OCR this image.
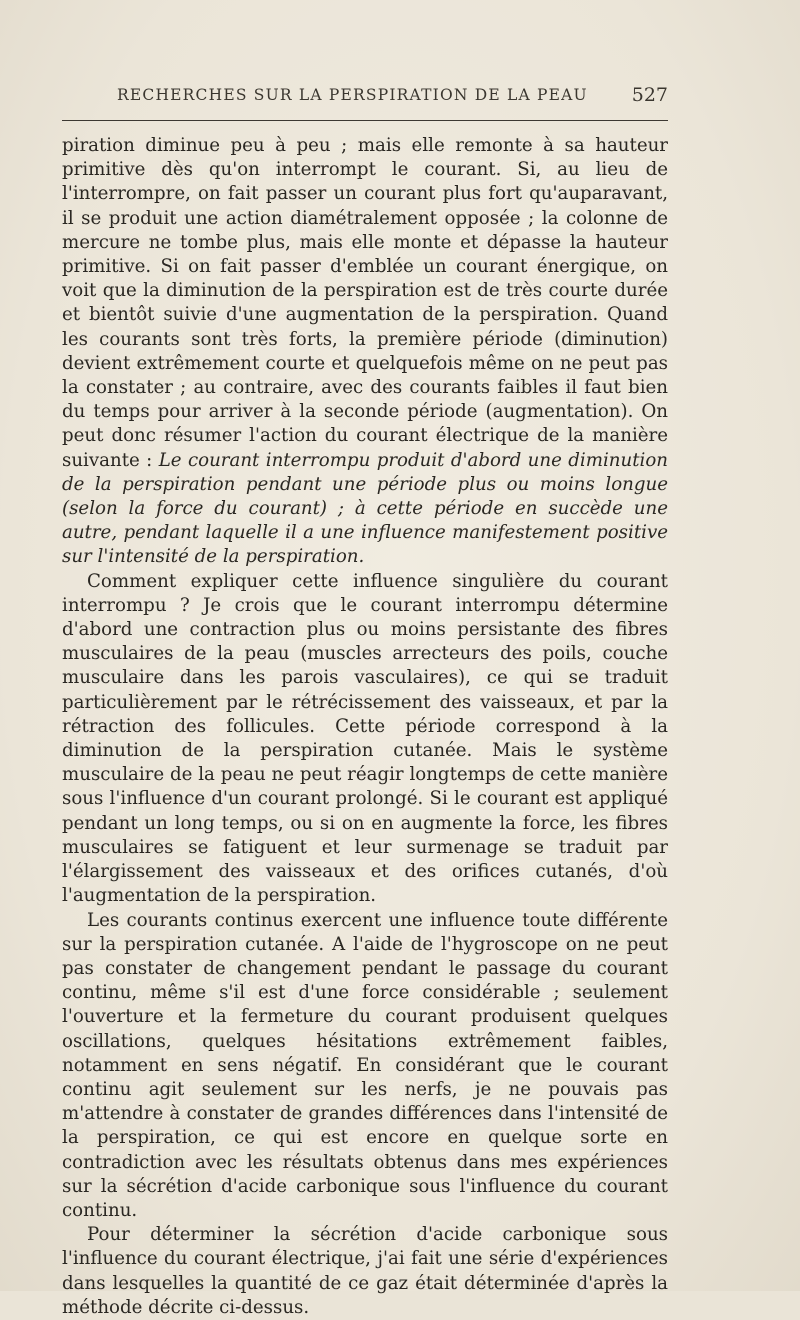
RECHERCHES SUR LA PERSPIRATION DE LA PEAU 527

piration diminue peu à peu ; mais elle remonte à sa hauteur primitive dès qu'on interrompt le courant. Si, au lieu de l'interrompre, on fait passer un courant plus fort qu'auparavant, il se produit une action diamétralement opposée ; la colonne de mercure ne tombe plus, mais elle monte et dépasse la hauteur primitive. Si on fait passer d'emblée un courant énergique, on voit que la diminution de la perspiration est de très courte durée et bientôt suivie d'une augmentation de la perspiration. Quand les courants sont très forts, la première période (diminution) devient extrêmement courte et quelquefois même on ne peut pas la constater ; au contraire, avec des courants faibles il faut bien du temps pour arriver à la seconde période (augmentation). On peut donc résumer l'action du courant électrique de la manière suivante : Le courant interrompu produit d'abord une diminution de la perspiration pendant une période plus ou moins longue (selon la force du courant) ; à cette période en succède une autre, pendant laquelle il a une influence manifestement positive sur l'intensité de la perspiration.

Comment expliquer cette influence singulière du courant interrompu ? Je crois que le courant interrompu détermine d'abord une contraction plus ou moins persistante des fibres musculaires de la peau (muscles arrecteurs des poils, couche musculaire dans les parois vasculaires), ce qui se traduit particulièrement par le rétrécissement des vaisseaux, et par la rétraction des follicules. Cette période correspond à la diminution de la perspiration cutanée. Mais le système musculaire de la peau ne peut réagir longtemps de cette manière sous l'influence d'un courant prolongé. Si le courant est appliqué pendant un long temps, ou si on en augmente la force, les fibres musculaires se fatiguent et leur surmenage se traduit par l'élargissement des vaisseaux et des orifices cutanés, d'où l'augmentation de la perspiration.

Les courants continus exercent une influence toute différente sur la perspiration cutanée. A l'aide de l'hygroscope on ne peut pas constater de changement pendant le passage du courant continu, même s'il est d'une force considérable ; seulement l'ouverture et la fermeture du courant produisent quelques oscillations, quelques hésitations extrêmement faibles, notamment en sens négatif. En considérant que le courant continu agit seulement sur les nerfs, je ne pouvais pas m'attendre à constater de grandes différences dans l'intensité de la perspiration, ce qui est encore en quelque sorte en contradiction avec les résultats obtenus dans mes expériences sur la sécrétion d'acide carbonique sous l'influence du courant continu.

Pour déterminer la sécrétion d'acide carbonique sous l'influence du courant électrique, j'ai fait une série d'expériences dans lesquelles la quantité de ce gaz était déterminée d'après la méthode décrite ci-dessus.
